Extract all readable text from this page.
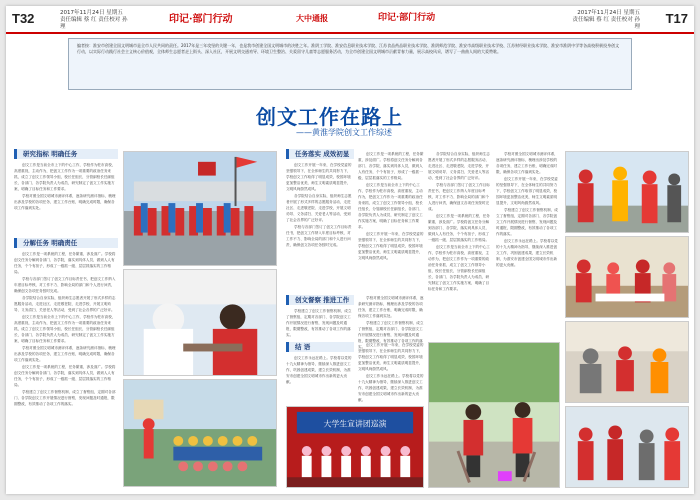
T32	2017年11月24日 星期五
责任编辑 蔡 红 责任校对 孙 理
印记·部门行动	大中通报	印记·部门行动	2017年11月24日 星期五
责任编辑 蔡 红 责任校对 孙 理
T17
编者按：淮安市创建全国文明城市是全市人民共同的责任。2017年是三年攻坚的关键一年，也是我市创建全国文明城市的决胜之年。淮阴工学院、淮安信息职业技术学院、江苏食品药品职业技术学院、淮阴师范学院、淮安市高级职业技术学校、江苏财经职业技术学院、淮安市淮阴中学等各高校积极投身创文行动，以实际行动践行社会主义核心价值观，全体师生志愿者走上街头、深入社区，开展文明交通劝导、环境卫生整治、关爱留守儿童等志愿服务活动，为全市创建全国文明城市贡献青春力量，展示高校风采，谱写了一曲曲人间的大爱赞歌。
创文工作在路上
——黄淮学院创文工作综述
研究指标 明确任务

创文工作是当前全市上下的中心工作，学校作为驻市高校，高度重视，主动作为，把创文工作作为一项重要的政治任务来抓，成立了创文工作领导小组，校长任组长，分管副校长任副组长，各部门、各学院负责人为成员，研究制定了创文工作实施方案，明确了目标任务和工作要求。

学校对照全国文明城市测评体系，逐条研究测评指标，梳理出涉及学校的各项任务，建立工作台账，明确完成时限，确保各项工作落到实处。

分解任务 明确责任

创文工作是一项系统的工程，任务繁重，涉及面广。学校将创文任务分解到各部门、各学院，落实到具体人员，做到人人有任务，个个有担子，形成了一级抓一级、层层抓落实的工作格局。

学校与各部门签订了创文工作目标责任书，把创文工作纳入年度目标考核，对工作不力、影响全局的部门和个人进行问责，确保创文各项任务按时完成。

各学院结合自身实际，组织师生志愿者开展了形式多样的志愿服务活动，走进社区、走进敬老院、走进学校，开展文明劝导、义务清扫、关爱老人等活动，受到了社会各界的广泛好评。

创文工作是当前全市上下的中心工作，学校作为驻市高校，高度重视，主动作为，把创文工作作为一项重要的政治任务来抓，成立了创文工作领导小组，校长任组长，分管副校长任副组长，各部门、各学院负责人为成员，研究制定了创文工作实施方案，明确了目标任务和工作要求。

学校对照全国文明城市测评体系，逐条研究测评指标，梳理出涉及学校的各项任务，建立工作台账，明确完成时限，确保各项工作落到实处。

创文工作是一项系统的工程，任务繁重，涉及面广。学校将创文任务分解到各部门、各学院，落实到具体人员，做到人人有任务，个个有担子，形成了一级抓一级、层层抓落实的工作格局。

学校建立了创文工作督察机制，成立了督察组，定期对各部门、各学院创文工作开展情况进行督察，发现问题及时通报，限期整改，有效推动了各项工作的落实。

任务落实 成效初显

创文工作开展一年来，在学校党委的坚强领导下，在全体师生的共同努力下，学校创文工作取得了明显成效，校园环境更加整洁优美，师生文明素质明显提升，文明风尚蔚然成风。

各学院结合自身实际，组织师生志愿者开展了形式多样的志愿服务活动，走进社区、走进敬老院、走进学校，开展文明劝导、义务清扫、关爱老人等活动，受到了社会各界的广泛好评。

学校与各部门签订了创文工作目标责任书，把创文工作纳入年度目标考核，对工作不力、影响全局的部门和个人进行问责，确保创文各项任务按时完成。

创文工作是一项系统的工程，任务繁重，涉及面广。学校将创文任务分解到各部门、各学院，落实到具体人员，做到人人有任务，个个有担子，形成了一级抓一级、层层抓落实的工作格局。

创文工作是当前全市上下的中心工作，学校作为驻市高校，高度重视，主动作为，把创文工作作为一项重要的政治任务来抓，成立了创文工作领导小组，校长任组长，分管副校长任副组长，各部门、各学院负责人为成员，研究制定了创文工作实施方案，明确了目标任务和工作要求。

创文工作开展一年来，在学校党委的坚强领导下，在全体师生的共同努力下，学校创文工作取得了明显成效，校园环境更加整洁优美，师生文明素质明显提升，文明风尚蔚然成风。

创文督察 推进工作

学校建立了创文工作督察机制，成立了督察组，定期对各部门、各学院创文工作开展情况进行督察，发现问题及时通报，限期整改，有效推动了各项工作的落实。

学校对照全国文明城市测评体系，逐条研究测评指标，梳理出涉及学校的各项任务，建立工作台账，明确完成时限，确保各项工作落到实处。

学校建立了创文工作督察机制，成立了督察组，定期对各部门、各学院创文工作开展情况进行督察，发现问题及时通报，限期整改，有效推动了各项工作的落实。

结 语

创文工作永远在路上。学校将以党的十九大精神为指导，继续深入推进创文工作，巩固创建成果，建立长效机制，为淮安市创建全国文明城市作出新的更大贡献。

创文工作开展一年来，在学校党委的坚强领导下，在全体师生的共同努力下，学校创文工作取得了明显成效，校园环境更加整洁优美，师生文明素质明显提升，文明风尚蔚然成风。

创文工作永远在路上。学校将以党的十九大精神为指导，继续深入推进创文工作，巩固创建成果，建立长效机制，为淮安市创建全国文明城市作出新的更大贡献。

大学生宣讲团巡演

各学院结合自身实际，组织师生志愿者开展了形式多样的志愿服务活动，走进社区、走进敬老院、走进学校，开展文明劝导、义务清扫、关爱老人等活动，受到了社会各界的广泛好评。

学校与各部门签订了创文工作目标责任书，把创文工作纳入年度目标考核，对工作不力、影响全局的部门和个人进行问责，确保创文各项任务按时完成。

创文工作是一项系统的工程，任务繁重，涉及面广。学校将创文任务分解到各部门、各学院，落实到具体人员，做到人人有任务，个个有担子，形成了一级抓一级、层层抓落实的工作格局。

创文工作是当前全市上下的中心工作，学校作为驻市高校，高度重视，主动作为，把创文工作作为一项重要的政治任务来抓，成立了创文工作领导小组，校长任组长，分管副校长任副组长，各部门、各学院负责人为成员，研究制定了创文工作实施方案，明确了目标任务和工作要求。

学校对照全国文明城市测评体系，逐条研究测评指标，梳理出涉及学校的各项任务，建立工作台账，明确完成时限，确保各项工作落到实处。

创文工作开展一年来，在学校党委的坚强领导下，在全体师生的共同努力下，学校创文工作取得了明显成效，校园环境更加整洁优美，师生文明素质明显提升，文明风尚蔚然成风。

学校建立了创文工作督察机制，成立了督察组，定期对各部门、各学院创文工作开展情况进行督察，发现问题及时通报，限期整改，有效推动了各项工作的落实。

创文工作永远在路上。学校将以党的十九大精神为指导，继续深入推进创文工作，巩固创建成果，建立长效机制，为淮安市创建全国文明城市作出新的更大贡献。
